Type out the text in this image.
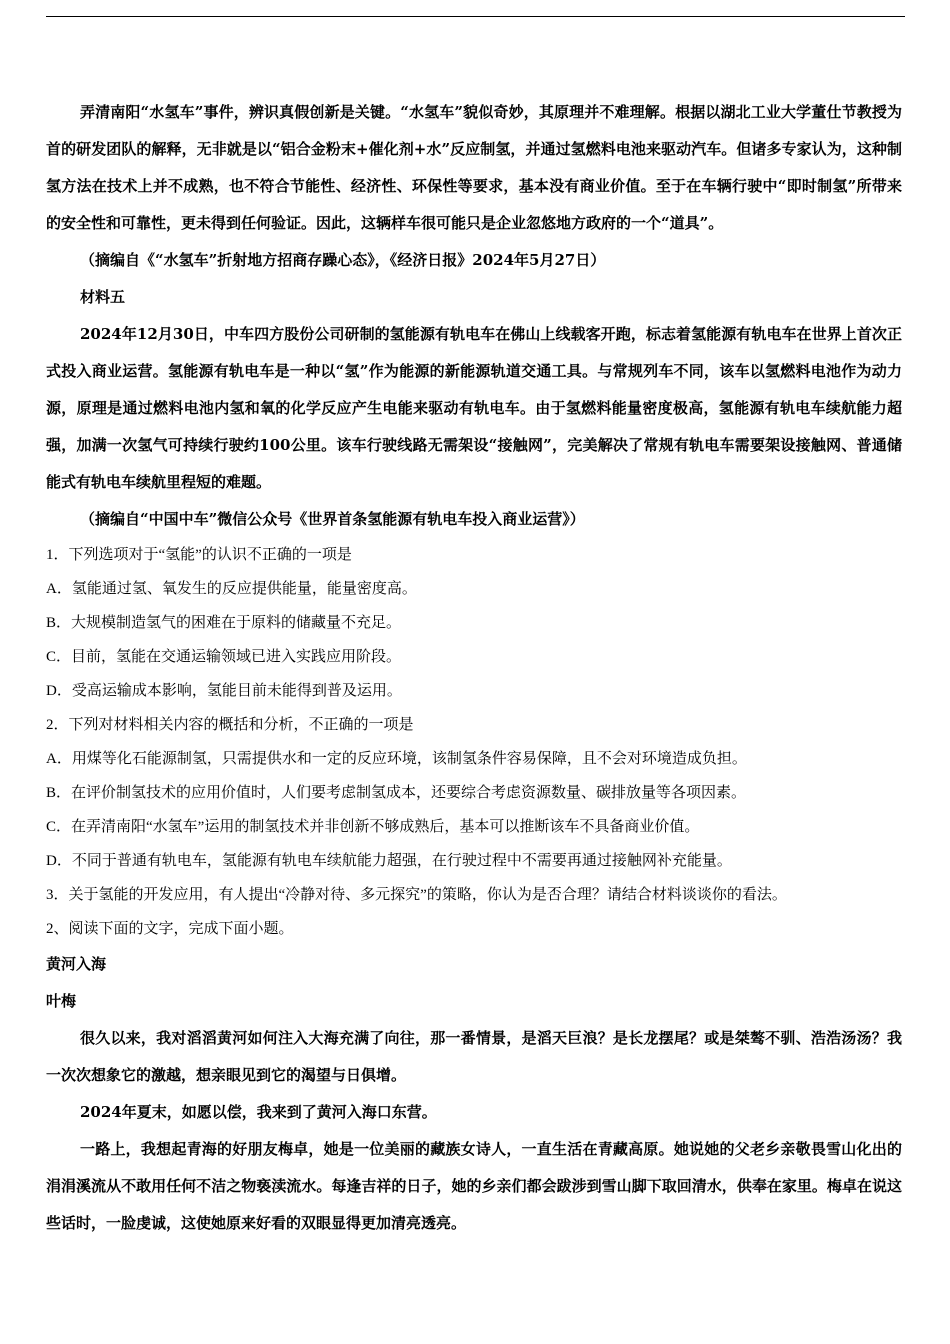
弄清南阳“水氢车”事件，辨识真假创新是关键。“水氢车”貌似奇妙，其原理并不难理解。根据以湖北工业大学董仕节教授为首的研发团队的解释，无非就是以“铝合金粉末+催化剂+水”反应制氢，并通过氢燃料电池来驱动汽车。但诸多专家认为，这种制氢方法在技术上并不成熟，也不符合节能性、经济性、环保性等要求，基本没有商业价值。至于在车辆行驶中“即时制氢”所带来的安全性和可靠性，更未得到任何验证。因此，这辆样车很可能只是企业忽悠地方政府的一个“道具”。

（摘编自《“水氢车”折射地方招商存躁心态》，《经济日报》2024年5月27日）

材料五

2024年12月30日，中车四方股份公司研制的氢能源有轨电车在佛山上线载客开跑，标志着氢能源有轨电车在世界上首次正式投入商业运营。氢能源有轨电车是一种以“氢”作为能源的新能源轨道交通工具。与常规列车不同，该车以氢燃料电池作为动力源，原理是通过燃料电池内氢和氧的化学反应产生电能来驱动有轨电车。由于氢燃料能量密度极高，氢能源有轨电车续航能力超强，加满一次氢气可持续行驶约100公里。该车行驶线路无需架设“接触网”，完美解决了常规有轨电车需要架设接触网、普通储能式有轨电车续航里程短的难题。

（摘编自“中国中车”微信公众号《世界首条氢能源有轨电车投入商业运营》）

1．下列选项对于“氢能”的认识不正确的一项是

A．氢能通过氢、氧发生的反应提供能量，能量密度高。

B．大规模制造氢气的困难在于原料的储藏量不充足。

C．目前，氢能在交通运输领域已进入实践应用阶段。

D．受高运输成本影响，氢能目前未能得到普及运用。

2．下列对材料相关内容的概括和分析，不正确的一项是

A．用煤等化石能源制氢，只需提供水和一定的反应环境，该制氢条件容易保障，且不会对环境造成负担。

B．在评价制氢技术的应用价值时，人们要考虑制氢成本，还要综合考虑资源数量、碳排放量等各项因素。

C．在弄清南阳“水氢车”运用的制氢技术并非创新不够成熟后，基本可以推断该车不具备商业价值。

D．不同于普通有轨电车，氢能源有轨电车续航能力超强，在行驶过程中不需要再通过接触网补充能量。

3．关于氢能的开发应用，有人提出“冷静对待、多元探究”的策略，你认为是否合理？请结合材料谈谈你的看法。

2、阅读下面的文字，完成下面小题。

黄河入海

叶梅

很久以来，我对滔滔黄河如何注入大海充满了向往，那一番情景，是滔天巨浪？是长龙摆尾？或是桀骜不驯、浩浩汤汤？我一次次想象它的激越，想亲眼见到它的渴望与日俱增。

2024年夏末，如愿以偿，我来到了黄河入海口东营。

一路上，我想起青海的好朋友梅卓，她是一位美丽的藏族女诗人，一直生活在青藏高原。她说她的父老乡亲敬畏雪山化出的涓涓溪流从不敢用任何不洁之物亵渎流水。每逢吉祥的日子，她的乡亲们都会跋涉到雪山脚下取回清水，供奉在家里。梅卓在说这些话时，一脸虔诚，这使她原来好看的双眼显得更加清亮透亮。
